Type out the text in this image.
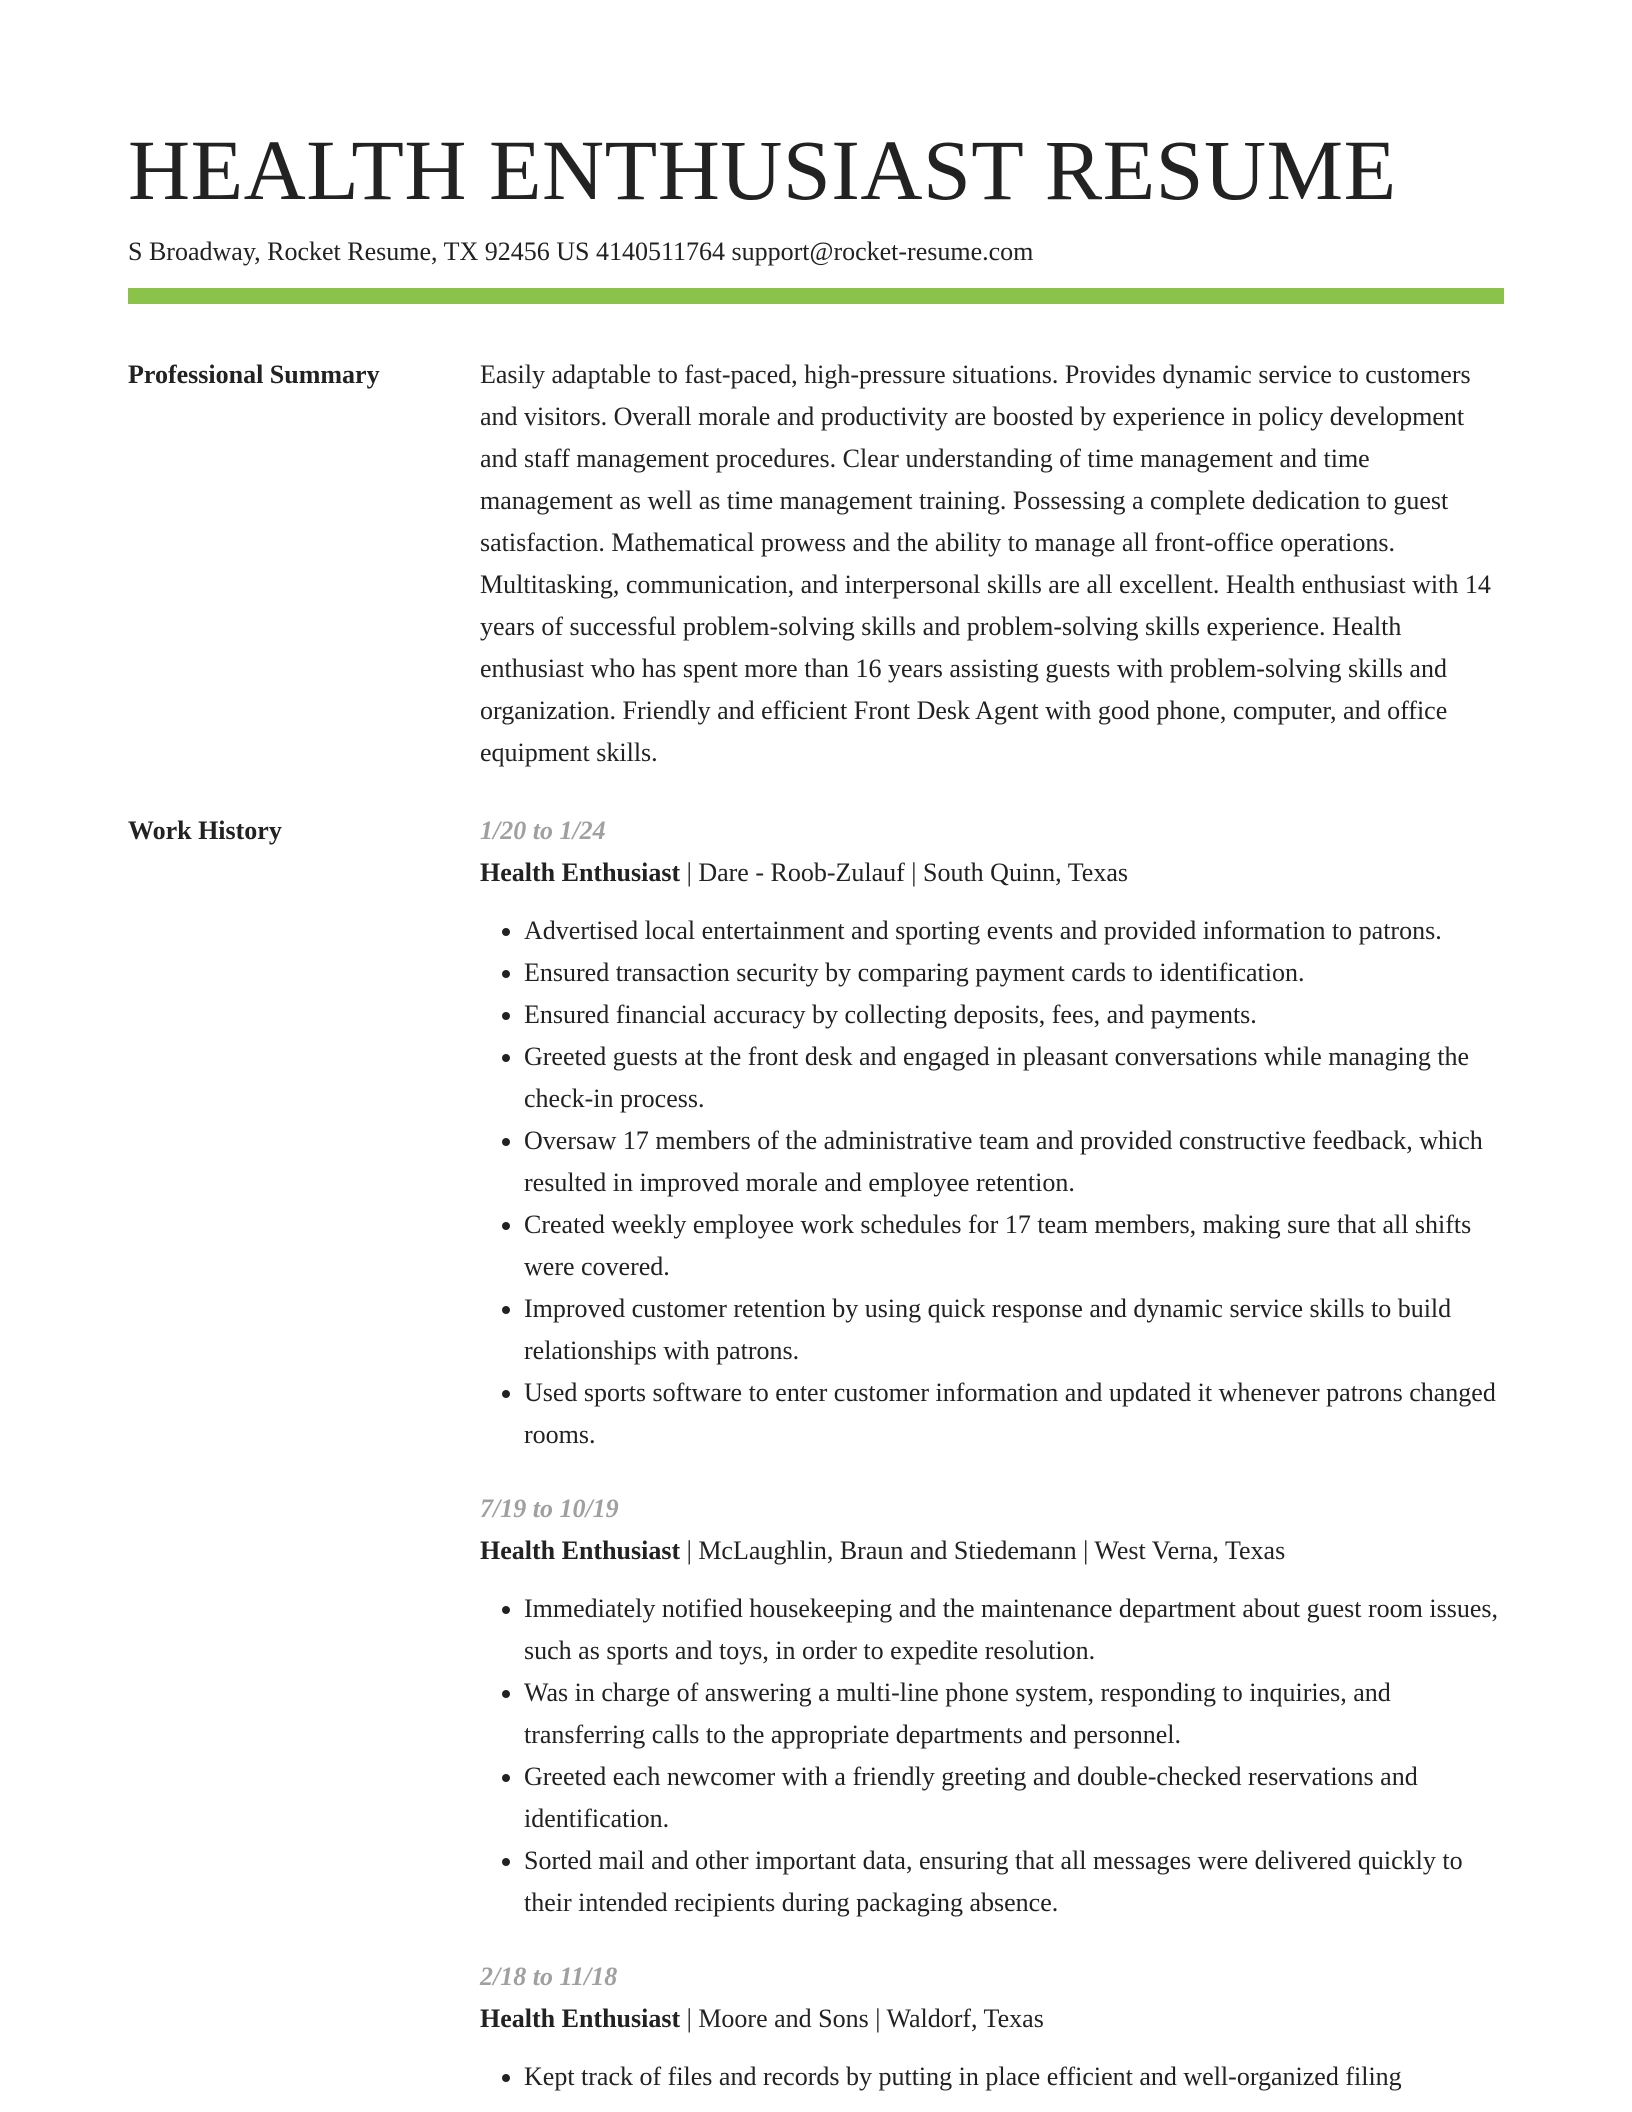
HEALTH ENTHUSIAST RESUME
S Broadway, Rocket Resume, TX 92456 US 4140511764 support@rocket-resume.com
Professional Summary	Easily adaptable to fast-paced, high-pressure situations. Provides dynamic service to customers and visitors. Overall morale and productivity are boosted by experience in policy development and staff management procedures. Clear understanding of time management and time management as well as time management training. Possessing a complete dedication to guest satisfaction. Mathematical prowess and the ability to manage all front-office operations. Multitasking, communication, and interpersonal skills are all excellent. Health enthusiast with 14 years of successful problem-solving skills and problem-solving skills experience. Health enthusiast who has spent more than 16 years assisting guests with problem-solving skills and organization. Friendly and efficient Front Desk Agent with good phone, computer, and office equipment skills.

Work History	1/20 to 1/24
Health Enthusiast | Dare - Roob-Zulauf | South Quinn, Texas
• Advertised local entertainment and sporting events and provided information to patrons.
• Ensured transaction security by comparing payment cards to identification.
• Ensured financial accuracy by collecting deposits, fees, and payments.
• Greeted guests at the front desk and engaged in pleasant conversations while managing the check-in process.
• Oversaw 17 members of the administrative team and provided constructive feedback, which resulted in improved morale and employee retention.
• Created weekly employee work schedules for 17 team members, making sure that all shifts were covered.
• Improved customer retention by using quick response and dynamic service skills to build relationships with patrons.
• Used sports software to enter customer information and updated it whenever patrons changed rooms.
7/19 to 10/19
Health Enthusiast | McLaughlin, Braun and Stiedemann | West Verna, Texas
• Immediately notified housekeeping and the maintenance department about guest room issues, such as sports and toys, in order to expedite resolution.
• Was in charge of answering a multi-line phone system, responding to inquiries, and transferring calls to the appropriate departments and personnel.
• Greeted each newcomer with a friendly greeting and double-checked reservations and identification.
• Sorted mail and other important data, ensuring that all messages were delivered quickly to their intended recipients during packaging absence.
2/18 to 11/18
Health Enthusiast | Moore and Sons | Waldorf, Texas
• Kept track of files and records by putting in place efficient and well-organized filing
